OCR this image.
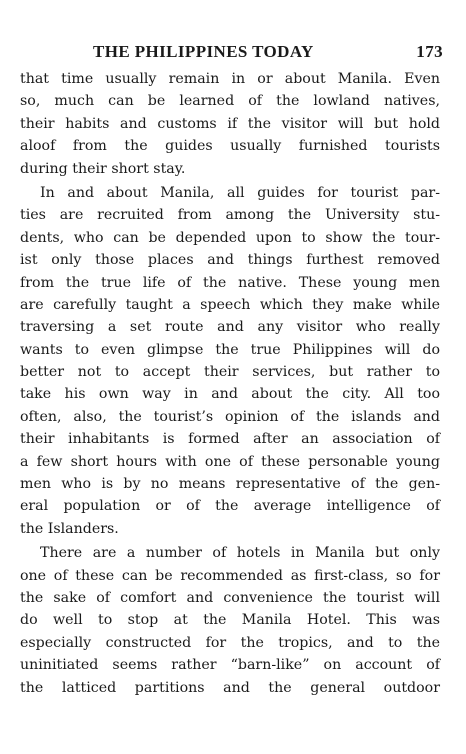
THE PHILIPPINES TODAY	173

that time usually remain in or about Manila. Even
so, much can be learned of the lowland natives,
their habits and customs if the visitor will but hold
aloof from the guides usually furnished tourists
during their short stay.

In and about Manila, all guides for tourist par-
ties are recruited from among the University stu-
dents, who can be depended upon to show the tour-
ist only those places and things furthest removed
from the true life of the native. These young men
are carefully taught a speech which they make while
traversing a set route and any visitor who really
wants to even glimpse the true Philippines will do
better not to accept their services, but rather to
take his own way in and about the city. All too
often, also, the tourist’s opinion of the islands and
their inhabitants is formed after an association of
a few short hours with one of these personable young
men who is by no means representative of the gen-
eral population or of the average intelligence of
the Islanders.

There are a number of hotels in Manila but only
one of these can be recommended as first-class, so for
the sake of comfort and convenience the tourist will
do well to stop at the Manila Hotel. This was
especially constructed for the tropics, and to the
uninitiated seems rather “barn-like” on account of
the latticed partitions and the general outdoor
